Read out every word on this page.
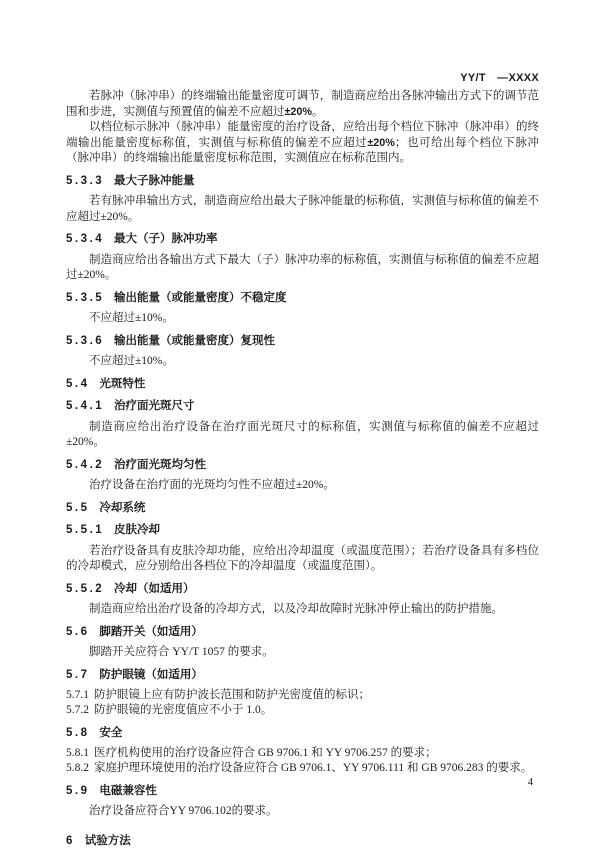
YY/T　—XXXX

若脉冲（脉冲串）的终端输出能量密度可调节，制造商应给出各脉冲输出方式下的调节范围和步进，实测值与预置值的偏差不应超过±20%。

以档位标示脉冲（脉冲串）能量密度的治疗设备，应给出每个档位下脉冲（脉冲串）的终端输出能量密度标称值，实测值与标称值的偏差不应超过±20%；也可给出每个档位下脉冲（脉冲串）的终端输出能量密度标称范围，实测值应在标称范围内。

5.3.3 最大子脉冲能量

若有脉冲串输出方式，制造商应给出最大子脉冲能量的标称值，实测值与标称值的偏差不应超过±20%。

5.3.4 最大（子）脉冲功率

制造商应给出各输出方式下最大（子）脉冲功率的标称值，实测值与标称值的偏差不应超过±20%。

5.3.5 输出能量（或能量密度）不稳定度

不应超过±10%。

5.3.6 输出能量（或能量密度）复现性

不应超过±10%。

5.4 光斑特性
5.4.1 治疗面光斑尺寸

制造商应给出治疗设备在治疗面光斑尺寸的标称值，实测值与标称值的偏差不应超过±20%。

5.4.2 治疗面光斑均匀性

治疗设备在治疗面的光斑均匀性不应超过±20%。

5.5 冷却系统
5.5.1 皮肤冷却

若治疗设备具有皮肤冷却功能，应给出冷却温度（或温度范围）；若治疗设备具有多档位的冷却模式，应分别给出各档位下的冷却温度（或温度范围）。

5.5.2 冷却（如适用）

制造商应给出治疗设备的冷却方式，以及冷却故障时光脉冲停止输出的防护措施。

5.6 脚踏开关（如适用）

脚踏开关应符合 YY/T 1057 的要求。

5.7 防护眼镜（如适用）

5.7.1 防护眼镜上应有防护波长范围和防护光密度值的标识；

5.7.2 防护眼镜的光密度值应不小于 1.0。

5.8 安全

5.8.1 医疗机构使用的治疗设备应符合 GB 9706.1 和 YY 9706.257 的要求；

5.8.2 家庭护理环境使用的治疗设备应符合 GB 9706.1、YY 9706.111 和 GB 9706.283 的要求。

5.9 电磁兼容性

治疗设备应符合YY 9706.102的要求。

6 试验方法
4
